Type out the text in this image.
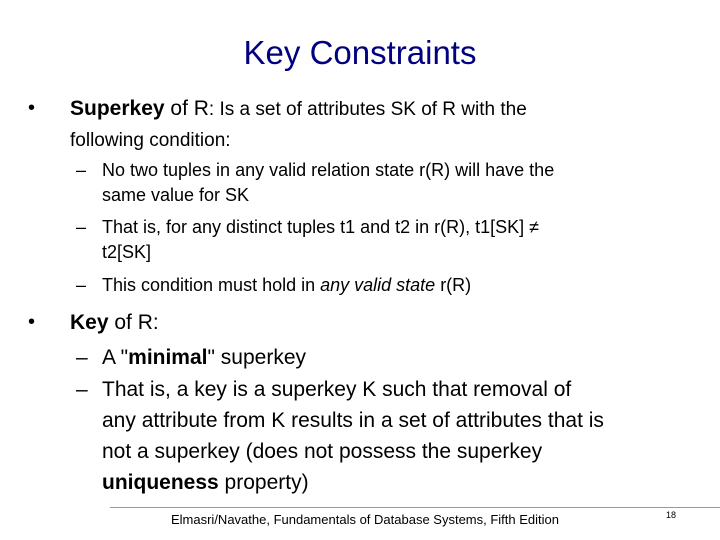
Key Constraints
• Superkey of R: Is a set of attributes SK of R with the
following condition:
– No two tuples in any valid relation state r(R) will have the
same value for SK
– That is, for any distinct tuples t1 and t2 in r(R), t1[SK] ≠
t2[SK]
– This condition must hold in any valid state r(R)
• Key of R:
– A "minimal" superkey
– That is, a key is a superkey K such that removal of
any attribute from K results in a set of attributes that is
not a superkey (does not possess the superkey
uniqueness property)
Elmasri/Navathe, Fundamentals of Database Systems, Fifth Edition	18
